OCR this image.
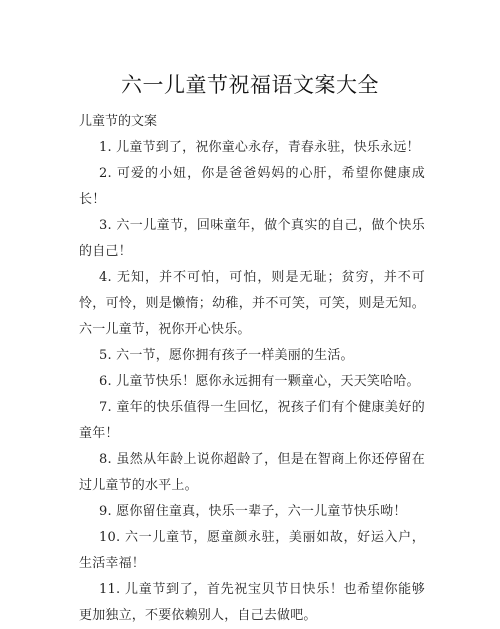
六一儿童节祝福语文案大全
儿童节的文案

1. 儿童节到了，祝你童心永存，青春永驻，快乐永远！

2. 可爱的小妞，你是爸爸妈妈的心肝，希望你健康成长！

3. 六一儿童节，回味童年，做个真实的自己，做个快乐的自己！

4. 无知，并不可怕，可怕，则是无耻；贫穷，并不可怜，可怜，则是懒惰；幼稚，并不可笑，可笑，则是无知。六一儿童节，祝你开心快乐。

5. 六一节，愿你拥有孩子一样美丽的生活。

6. 儿童节快乐！愿你永远拥有一颗童心，天天笑哈哈。

7. 童年的快乐值得一生回忆，祝孩子们有个健康美好的童年！

8. 虽然从年龄上说你超龄了，但是在智商上你还停留在过儿童节的水平上。

9. 愿你留住童真，快乐一辈子，六一儿童节快乐呦！

10. 六一儿童节，愿童颜永驻，美丽如故，好运入户，生活幸福！

11. 儿童节到了，首先祝宝贝节日快乐！也希望你能够更加独立，不要依赖别人，自己去做吧。
